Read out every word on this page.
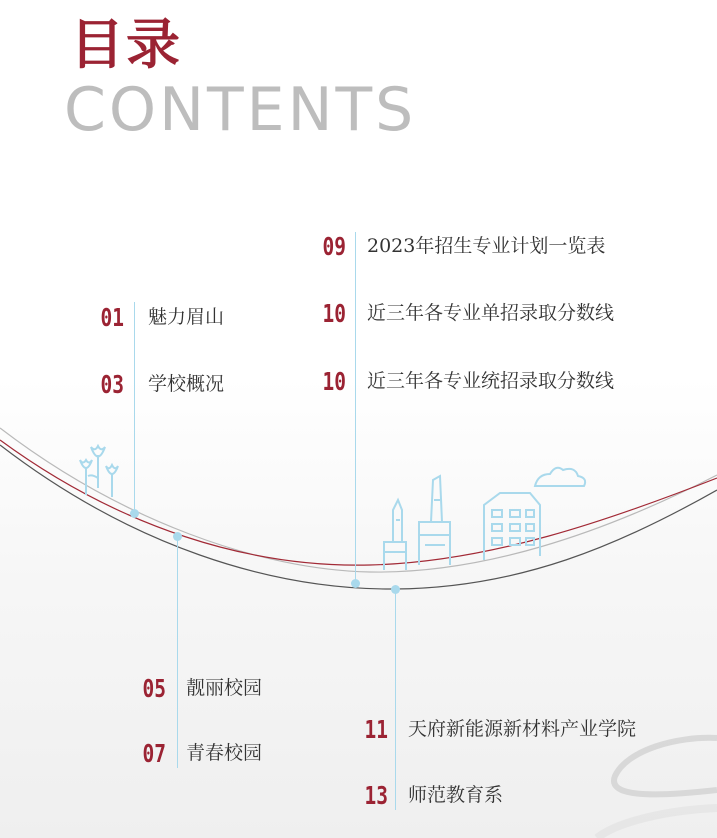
目录
CONTENTS
01 魅力眉山
03 学校概况
05 靓丽校园
07 青春校园
09 2023年招生专业计划一览表
10 近三年各专业单招录取分数线
10 近三年各专业统招录取分数线
11 天府新能源新材料产业学院
13 师范教育系
